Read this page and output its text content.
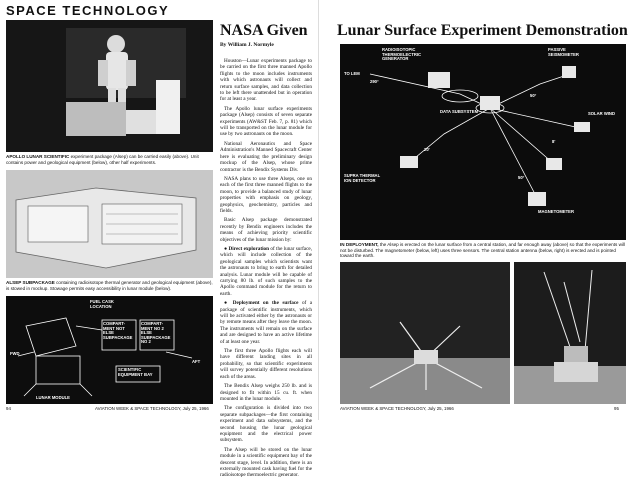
SPACE TECHNOLOGY
APOLLO LUNAR SCIENTIFIC experiment package (Alsep) can be carried easily (above). Unit contains power and geological equipment (below), other half experiments.
ALSEP SUBPACKAGE containing radioisotope thermal generator and geological equipment (above), is stowed in mockup. Stowage permits easy accessibility in lunar module (below).
FUEL CASK LOCATION
COMPART-MENT NOT ELSE SUBPACKAGE
COMPART-MENT NO 2 ELSE SUBPACKAGE NO 2
SCIENTIFIC EQUIPMENT BAY
FWD
AFT
LUNAR MODULE
NASA Given
By William J. Normyle

Houston—Lunar experiments package to be carried on the first three manned Apollo flights to the moon includes instruments with which astronauts will collect and return surface samples, and data collection to be left there unattended but in operation for at least a year.

The Apollo lunar surface experiments package (Alsep) consists of seven separate experiments (AW&ST Feb. 7, p. 81) which will be transported on the lunar module for use by two astronauts on the moon.

National Aeronautics and Space Administration's Manned Spacecraft Center here is evaluating the preliminary design mockup of the Alsep, whose prime contractor is the Bendix Systems Div.

NASA plans to use three Alseps, one on each of the first three manned flights to the moon, to provide a balanced study of lunar properties with emphasis on geology, geophysics, geochemistry, particles and fields.

Basic Alsep package demonstrated recently by Bendix engineers includes the means of achieving priority scientific objectives of the lunar mission by:

● Direct exploration of the lunar surface, which will include collection of the geological samples which scientists want the astronauts to bring to earth for detailed analysis. Lunar module will be capable of carrying 80 lb. of such samples to the Apollo command module for the return to earth.

● Deployment on the surface of a package of scientific instruments, which will be activated either by the astronauts or by remote means after they leave the moon. The instruments will remain on the surface and are designed to have an active lifetime of at least one year.

The first three Apollo flights each will have different landing sites in all probability, so that scientific experiments will survey potentially different resolutions each of the areas.

The Bendix Alsep weighs 250 lb. and is designed to fit within 15 cu. ft. when mounted in the lunar module.

The configuration is divided into two separate subpackages—the first containing experiment and data subsystems, and the second housing the lunar geological equipment and the electrical power subsystem.

The Alsep will be stored on the lunar module in a scientific equipment bay of the descent stage, level. In addition, there is an externally mounted cask having fuel for the radioisotope thermoelectric generator.

94	AVIATION WEEK & SPACE TECHNOLOGY, July 25, 1966
Lunar Surface Experiment Demonstration
RADIOISOTOPIC THERMOELECTRIC GENERATOR
PASSIVE SEISMOMETER
TO LEM
290°
DATA SUBSYSTEM	SOLAR WIND
SUPRA THERMAL ION DETECTOR
MAGNETOMETER
50°
50°
20'
8'
IN DEPLOYMENT, the Alsep is erected on the lunar surface from a central station, and far enough away (above) so that the experiments will not be disturbed. The magnetometer (below, left) uses three sensors. The central station antenna (below, right) is erected and is pointed toward the earth.
AVIATION WEEK & SPACE TECHNOLOGY, July 25, 1966	95
